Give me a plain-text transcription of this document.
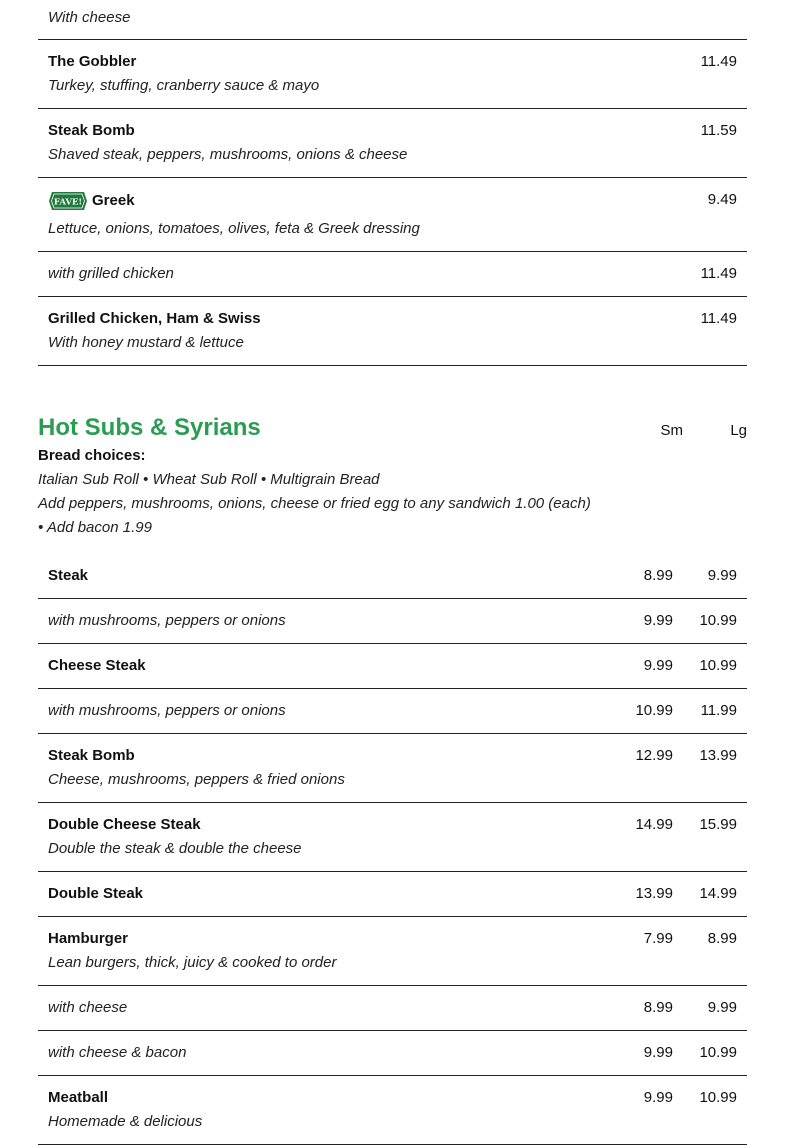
With cheese
The Gobbler	11.49
Turkey, stuffing, cranberry sauce & mayo
Steak Bomb	11.59
Shaved steak, peppers, mushrooms, onions & cheese
FAVE! Greek	9.49
Lettuce, onions, tomatoes, olives, feta & Greek dressing
with grilled chicken	11.49
Grilled Chicken, Ham & Swiss	11.49
With honey mustard & lettuce
Hot Subs & Syrians	Sm	Lg
Bread choices:
Italian Sub Roll • Wheat Sub Roll • Multigrain Bread
Add peppers, mushrooms, onions, cheese or fried egg to any sandwich 1.00 (each)
• Add bacon 1.99
Steak	8.99 9.99
with mushrooms, peppers or onions	9.99 10.99
Cheese Steak	9.99 10.99
with mushrooms, peppers or onions	10.99 11.99
Steak Bomb	12.99 13.99
Cheese, mushrooms, peppers & fried onions
Double Cheese Steak	14.99 15.99
Double the steak & double the cheese
Double Steak	13.99 14.99
Hamburger	7.99 8.99
Lean burgers, thick, juicy & cooked to order
with cheese	8.99 9.99
with cheese & bacon	9.99 10.99
Meatball	9.99 10.99
Homemade & delicious
